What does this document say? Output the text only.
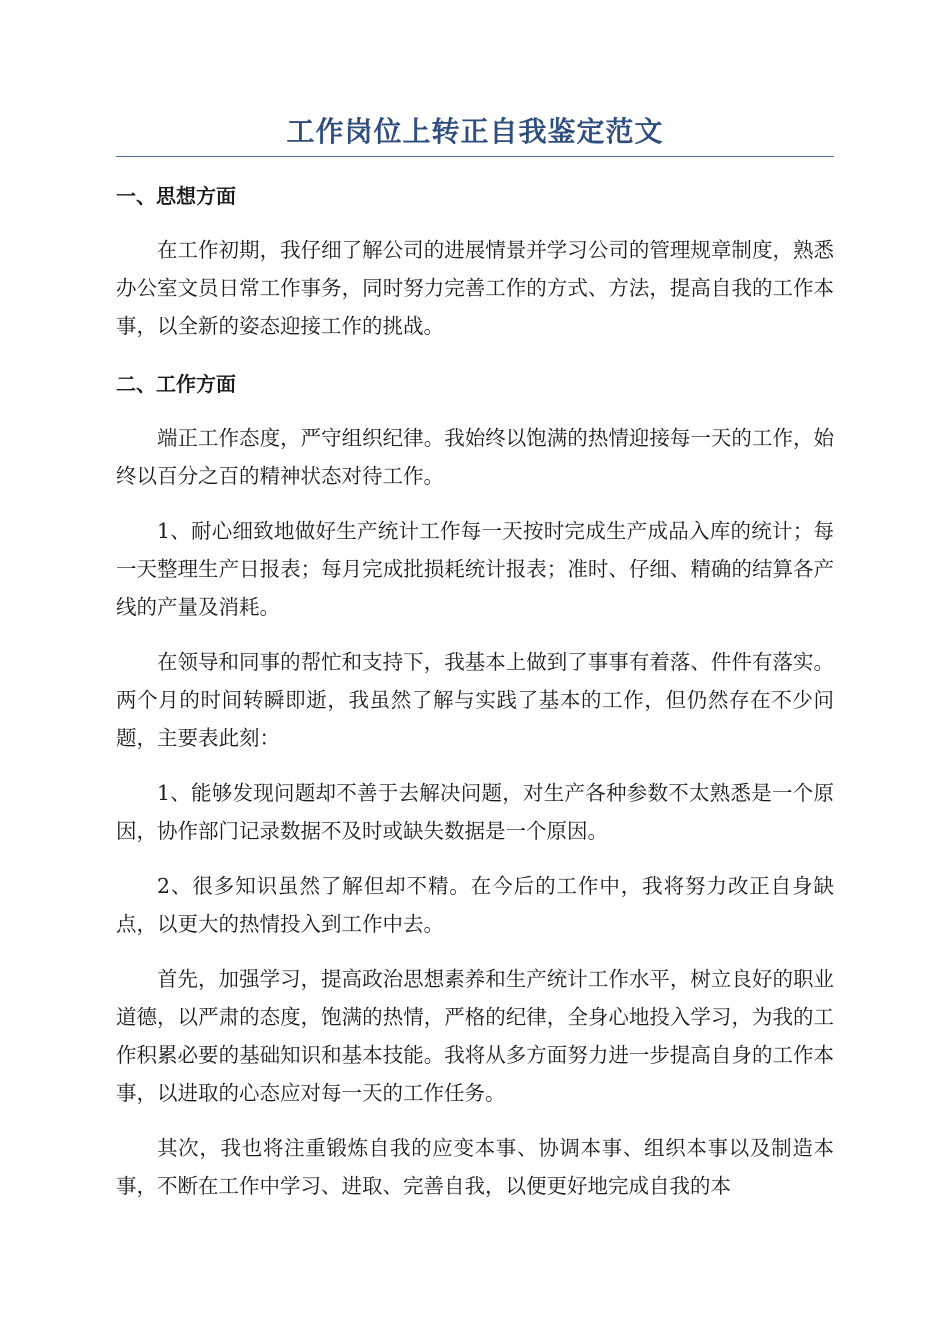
工作岗位上转正自我鉴定范文
一、思想方面

在工作初期，我仔细了解公司的进展情景并学习公司的管理规章制度，熟悉办公室文员日常工作事务，同时努力完善工作的方式、方法，提高自我的工作本事，以全新的姿态迎接工作的挑战。

二、工作方面

端正工作态度，严守组织纪律。我始终以饱满的热情迎接每一天的工作，始终以百分之百的精神状态对待工作。

1、耐心细致地做好生产统计工作每一天按时完成生产成品入库的统计；每一天整理生产日报表；每月完成批损耗统计报表；准时、仔细、精确的结算各产线的产量及消耗。

在领导和同事的帮忙和支持下，我基本上做到了事事有着落、件件有落实。两个月的时间转瞬即逝，我虽然了解与实践了基本的工作，但仍然存在不少问题，主要表此刻：

1、能够发现问题却不善于去解决问题，对生产各种参数不太熟悉是一个原因，协作部门记录数据不及时或缺失数据是一个原因。

2、很多知识虽然了解但却不精。在今后的工作中，我将努力改正自身缺点，以更大的热情投入到工作中去。

首先，加强学习，提高政治思想素养和生产统计工作水平，树立良好的职业道德，以严肃的态度，饱满的热情，严格的纪律，全身心地投入学习，为我的工作积累必要的基础知识和基本技能。我将从多方面努力进一步提高自身的工作本事，以进取的心态应对每一天的工作任务。

其次，我也将注重锻炼自我的应变本事、协调本事、组织本事以及制造本事，不断在工作中学习、进取、完善自我，以便更好地完成自我的本
